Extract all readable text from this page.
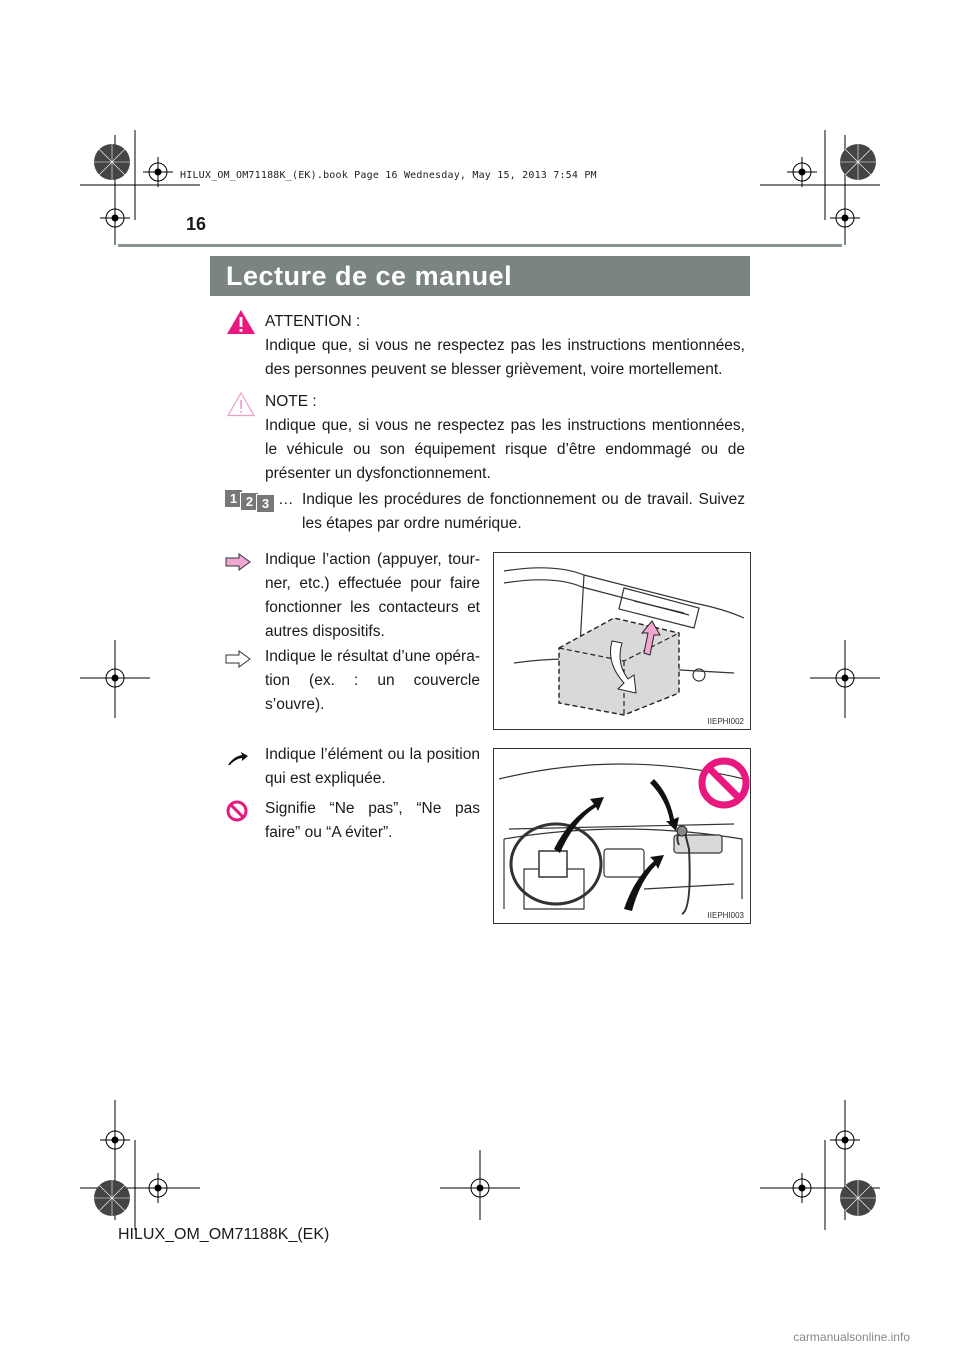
HILUX_OM_OM71188K_(EK).book Page 16 Wednesday, May 15, 2013 7:54 PM
16
Lecture de ce manuel
ATTENTION :
Indique que, si vous ne respectez pas les instructions mentionnées, des personnes peuvent se blesser grièvement, voire mortellement.
NOTE :
Indique que, si vous ne respectez pas les instructions mentionnées, le véhicule ou son équipement risque d’être endommagé ou de présenter un dysfonctionnement.
1 2 3 … Indique les procédures de fonctionnement ou de travail. Suivez les étapes par ordre numérique.
Indique l’action (appuyer, tour-ner, etc.) effectuée pour faire fonctionner les contacteurs et autres dispositifs.
Indique le résultat d’une opéra-tion (ex. : un couvercle s’ouvre).
IIEPHI002
Indique l’élément ou la position qui est expliquée.
Signifie “Ne pas”, “Ne pas faire” ou “A éviter”.
IIEPHI003
HILUX_OM_OM71188K_(EK)
carmanualsonline.info
